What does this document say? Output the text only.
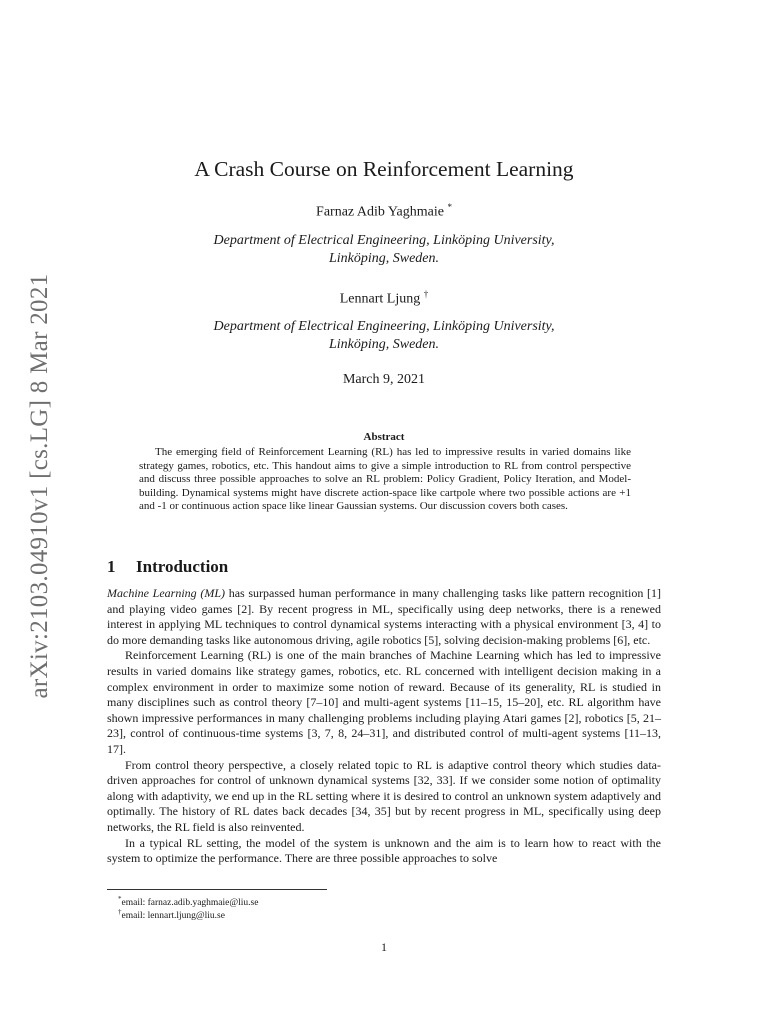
arXiv:2103.04910v1 [cs.LG] 8 Mar 2021
A Crash Course on Reinforcement Learning
Farnaz Adib Yaghmaie *
Department of Electrical Engineering, Linköping University,
Linköping, Sweden.
Lennart Ljung †
Department of Electrical Engineering, Linköping University,
Linköping, Sweden.
March 9, 2021
Abstract
The emerging field of Reinforcement Learning (RL) has led to impressive results in varied domains like strategy games, robotics, etc. This handout aims to give a simple introduction to RL from control perspective and discuss three possible approaches to solve an RL problem: Policy Gradient, Policy Iteration, and Model-building. Dynamical systems might have discrete action-space like cartpole where two possible actions are +1 and -1 or continuous action space like linear Gaussian systems. Our discussion covers both cases.
1 Introduction

Machine Learning (ML) has surpassed human performance in many challenging tasks like pattern recognition [1] and playing video games [2]. By recent progress in ML, specifically using deep networks, there is a renewed interest in applying ML techniques to control dynamical systems interacting with a physical environment [3, 4] to do more demanding tasks like autonomous driving, agile robotics [5], solving decision-making problems [6], etc.

Reinforcement Learning (RL) is one of the main branches of Machine Learning which has led to impressive results in varied domains like strategy games, robotics, etc. RL concerned with intelligent decision making in a complex environment in order to maximize some notion of reward. Because of its generality, RL is studied in many disciplines such as control theory [7–10] and multi-agent systems [11–15, 15–20], etc. RL algorithm have shown impressive performances in many challenging problems including playing Atari games [2], robotics [5, 21–23], control of continuous-time systems [3, 7, 8, 24–31], and distributed control of multi-agent systems [11–13, 17].

From control theory perspective, a closely related topic to RL is adaptive control theory which studies data-driven approaches for control of unknown dynamical systems [32, 33]. If we consider some notion of optimality along with adaptivity, we end up in the RL setting where it is desired to control an unknown system adaptively and optimally. The history of RL dates back decades [34, 35] but by recent progress in ML, specifically using deep networks, the RL field is also reinvented.

In a typical RL setting, the model of the system is unknown and the aim is to learn how to react with the system to optimize the performance. There are three possible approaches to solve

*email: farnaz.adib.yaghmaie@liu.se
†email: lennart.ljung@liu.se
1
